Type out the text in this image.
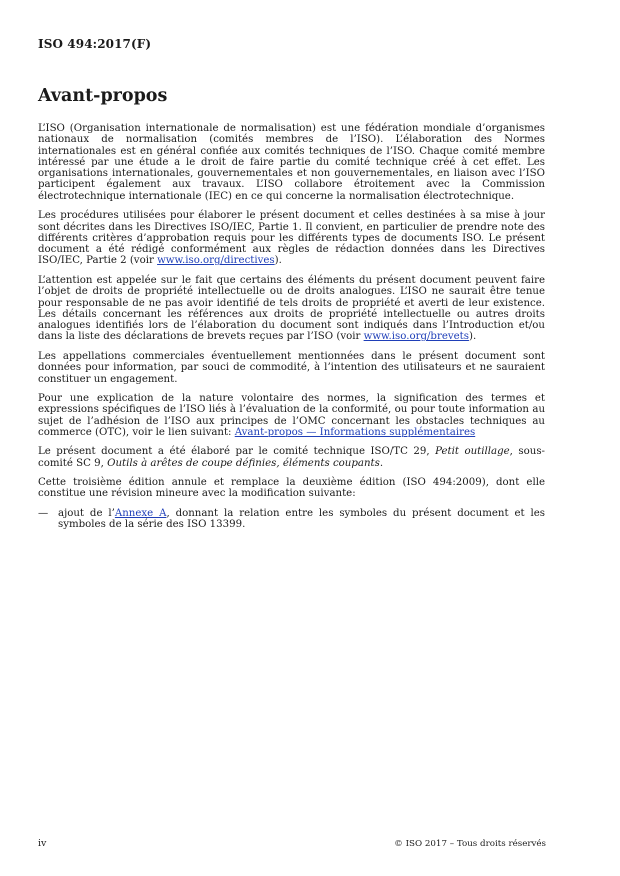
ISO 494:2017(F)
Avant-propos

L’ISO (Organisation internationale de normalisation) est une fédération mondiale d’organismes nationaux de normalisation (comités membres de l’ISO). L’élaboration des Normes internationales est en général confiée aux comités techniques de l’ISO. Chaque comité membre intéressé par une étude a le droit de faire partie du comité technique créé à cet effet. Les organisations internationales, gouvernementales et non gouvernementales, en liaison avec l’ISO participent également aux travaux. L’ISO collabore étroitement avec la Commission électrotechnique internationale (IEC) en ce qui concerne la normalisation électrotechnique.

Les procédures utilisées pour élaborer le présent document et celles destinées à sa mise à jour sont décrites dans les Directives ISO/IEC, Partie 1. Il convient, en particulier de prendre note des différents critères d’approbation requis pour les différents types de documents ISO. Le présent document a été rédigé conformément aux règles de rédaction données dans les Directives ISO/IEC, Partie 2 (voir www.iso.org/directives).

L’attention est appelée sur le fait que certains des éléments du présent document peuvent faire l’objet de droits de propriété intellectuelle ou de droits analogues. L’ISO ne saurait être tenue pour responsable de ne pas avoir identifié de tels droits de propriété et averti de leur existence. Les détails concernant les références aux droits de propriété intellectuelle ou autres droits analogues identifiés lors de l’élaboration du document sont indiqués dans l’Introduction et/ou dans la liste des déclarations de brevets reçues par l’ISO (voir www.iso.org/brevets).

Les appellations commerciales éventuellement mentionnées dans le présent document sont données pour information, par souci de commodité, à l’intention des utilisateurs et ne sauraient constituer un engagement.

Pour une explication de la nature volontaire des normes, la signification des termes et expressions spécifiques de l’ISO liés à l’évaluation de la conformité, ou pour toute information au sujet de l’adhésion de l’ISO aux principes de l’OMC concernant les obstacles techniques au commerce (OTC), voir le lien suivant: Avant-propos — Informations supplémentaires

Le présent document a été élaboré par le comité technique ISO/TC 29, Petit outillage, sous-comité SC 9, Outils à arêtes de coupe définies, éléments coupants.

Cette troisième édition annule et remplace la deuxième édition (ISO 494:2009), dont elle constitue une révision mineure avec la modification suivante:

— ajout de l’Annexe A, donnant la relation entre les symboles du présent document et les symboles de la série des ISO 13399.
iv	© ISO 2017 – Tous droits réservés
